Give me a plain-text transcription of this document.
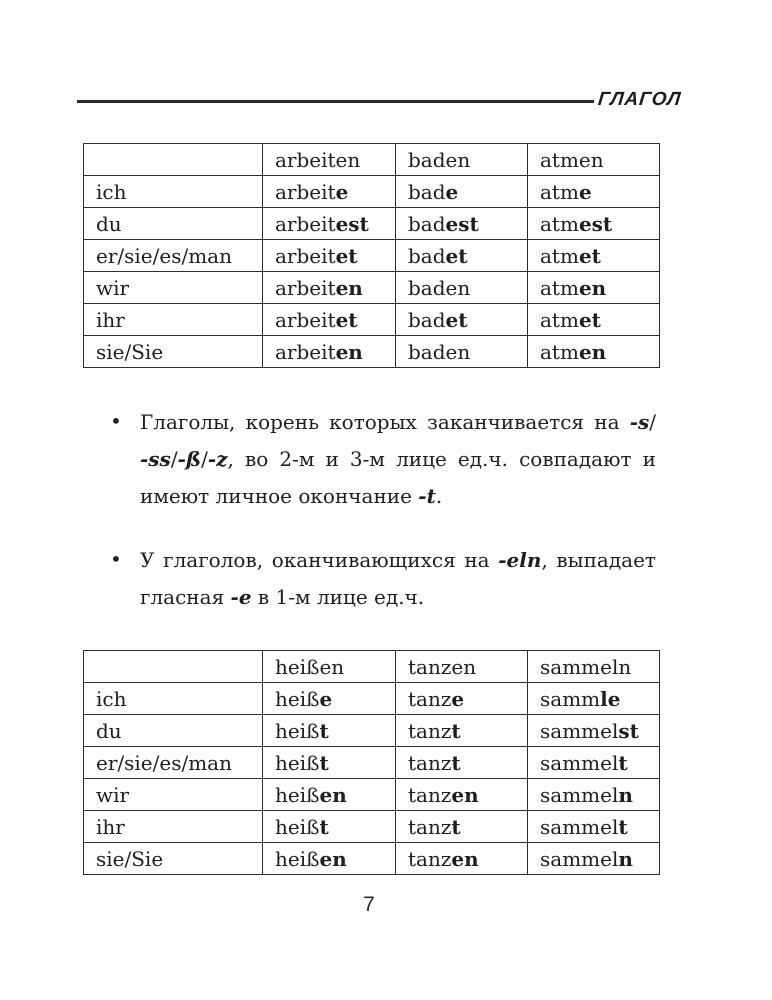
ГЛАГОЛ
	arbeiten	baden	atmen
ich	arbeite	bade	atme
du	arbeitest	badest	atmest
er/sie/es/man	arbeitet	badet	atmet
wir	arbeiten	baden	atmen
ihr	arbeitet	badet	atmet
sie/Sie	arbeiten	baden	atmen
• Глаголы, корень которых заканчивается на -s/
-ss/-ß/-z, во 2-м и 3-м лице ед.ч. совпадают и
имеют личное окончание -t.
• У глаголов, оканчивающихся на -eln, выпадает
гласная -e в 1-м лице ед.ч.
	heißen	tanzen	sammeln
ich	heiße	tanze	sammle
du	heißt	tanzt	sammelst
er/sie/es/man	heißt	tanzt	sammelt
wir	heißen	tanzen	sammeln
ihr	heißt	tanzt	sammelt
sie/Sie	heißen	tanzen	sammeln
7
